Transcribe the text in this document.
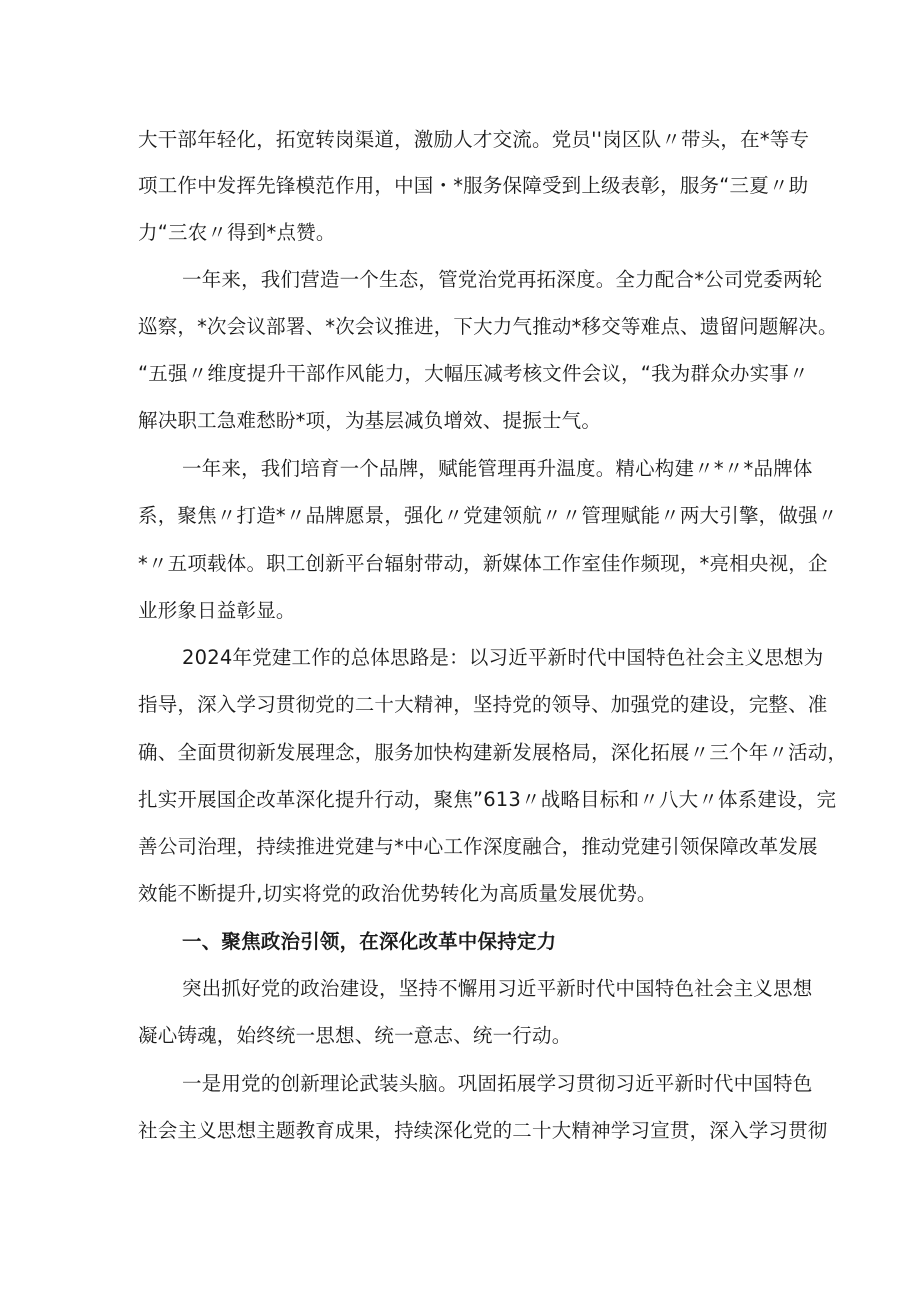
大干部年轻化，拓宽转岗渠道，激励人才交流。党员''岗区队〃带头，在*等专
项工作中发挥先锋模范作用，中国・*服务保障受到上级表彰，服务“三夏〃助
力“三农〃得到*点赞。
一年来，我们营造一个生态，管党治党再拓深度。全力配合*公司党委两轮
巡察，*次会议部署、*次会议推进，下大力气推动*移交等难点、遗留问题解决。
“五强〃维度提升干部作风能力，大幅压减考核文件会议，“我为群众办实事〃
解决职工急难愁盼*项，为基层减负增效、提振士气。
一年来，我们培育一个品牌，赋能管理再升温度。精心构建〃*〃*品牌体
系，聚焦〃打造*〃品牌愿景，强化〃党建领航〃〃管理赋能〃两大引擎，做强〃
*〃五项载体。职工创新平台辐射带动，新媒体工作室佳作频现，*亮相央视，企
业形象日益彰显。
2024年党建工作的总体思路是：以习近平新时代中国特色社会主义思想为
指导，深入学习贯彻党的二十大精神，坚持党的领导、加强党的建设，完整、准
确、全面贯彻新发展理念，服务加快构建新发展格局，深化拓展〃三个年〃活动，
扎实开展国企改革深化提升行动，聚焦”613〃战略目标和〃八大〃体系建设，完
善公司治理，持续推进党建与*中心工作深度融合，推动党建引领保障改革发展
效能不断提升,切实将党的政治优势转化为高质量发展优势。
一、聚焦政治引领，在深化改革中保持定力
突出抓好党的政治建设，坚持不懈用习近平新时代中国特色社会主义思想
凝心铸魂，始终统一思想、统一意志、统一行动。
一是用党的创新理论武装头脑。巩固拓展学习贯彻习近平新时代中国特色
社会主义思想主题教育成果，持续深化党的二十大精神学习宣贯，深入学习贯彻
